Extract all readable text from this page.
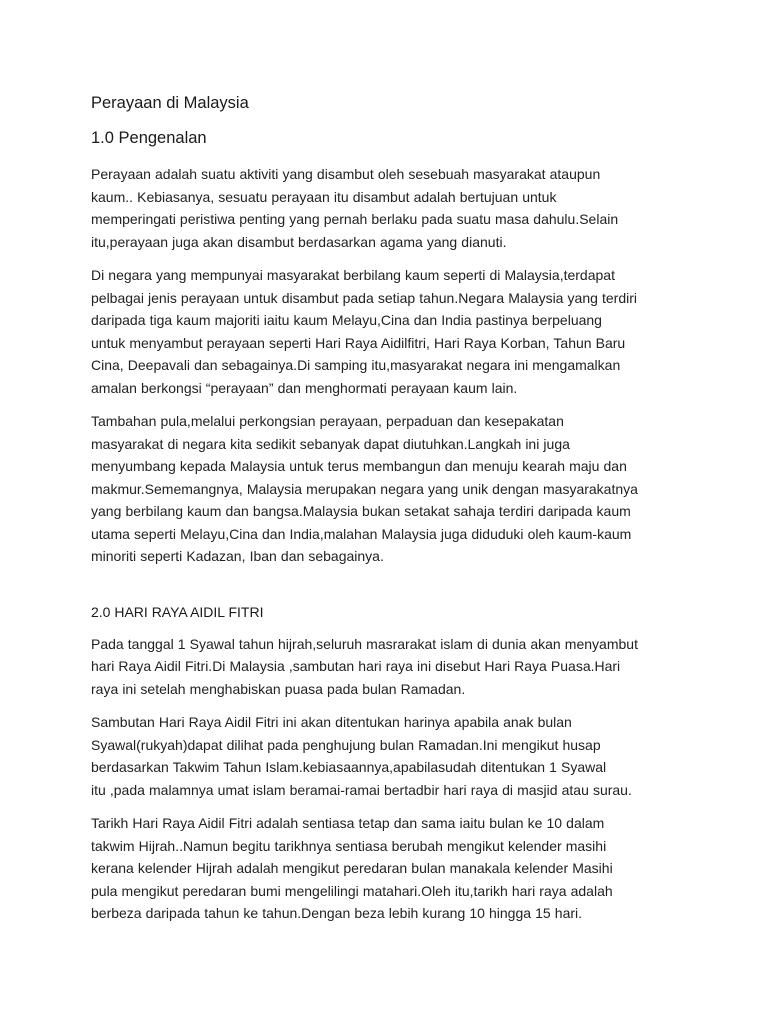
Perayaan di Malaysia
1.0 Pengenalan

Perayaan adalah suatu aktiviti yang disambut oleh sesebuah masyarakat ataupun
kaum.. Kebiasanya, sesuatu perayaan itu disambut adalah bertujuan untuk
memperingati peristiwa penting yang pernah berlaku pada suatu masa dahulu.Selain
itu,perayaan juga akan disambut berdasarkan agama yang dianuti.

Di negara yang mempunyai masyarakat berbilang kaum seperti di Malaysia,terdapat
pelbagai jenis perayaan untuk disambut pada setiap tahun.Negara Malaysia yang terdiri
daripada tiga kaum majoriti iaitu kaum Melayu,Cina dan India pastinya berpeluang
untuk menyambut perayaan seperti Hari Raya Aidilfitri, Hari Raya Korban, Tahun Baru
Cina, Deepavali dan sebagainya.Di samping itu,masyarakat negara ini mengamalkan
amalan berkongsi “perayaan” dan menghormati perayaan kaum lain.

Tambahan pula,melalui perkongsian perayaan, perpaduan dan kesepakatan
masyarakat di negara kita sedikit sebanyak dapat diutuhkan.Langkah ini juga
menyumbang kepada Malaysia untuk terus membangun dan menuju kearah maju dan
makmur.Sememangnya, Malaysia merupakan negara yang unik dengan masyarakatnya
yang berbilang kaum dan bangsa.Malaysia bukan setakat sahaja terdiri daripada kaum
utama seperti Melayu,Cina dan India,malahan Malaysia juga diduduki oleh kaum-kaum
minoriti seperti Kadazan, Iban dan sebagainya.

2.0 HARI RAYA AIDIL FITRI

Pada tanggal 1 Syawal tahun hijrah,seluruh masrarakat islam di dunia akan menyambut
hari Raya Aidil Fitri.Di Malaysia ,sambutan hari raya ini disebut Hari Raya Puasa.Hari
raya ini setelah menghabiskan puasa pada bulan Ramadan.

Sambutan Hari Raya Aidil Fitri ini akan ditentukan harinya apabila anak bulan
Syawal(rukyah)dapat dilihat pada penghujung bulan Ramadan.Ini mengikut husap
berdasarkan Takwim Tahun Islam.kebiasaannya,apabilasudah ditentukan 1 Syawal
itu ,pada malamnya umat islam beramai-ramai bertadbir hari raya di masjid atau surau.

Tarikh Hari Raya Aidil Fitri adalah sentiasa tetap dan sama iaitu bulan ke 10 dalam
takwim Hijrah..Namun begitu tarikhnya sentiasa berubah mengikut kelender masihi
kerana kelender Hijrah adalah mengikut peredaran bulan manakala kelender Masihi
pula mengikut peredaran bumi mengelilingi matahari.Oleh itu,tarikh hari raya adalah
berbeza daripada tahun ke tahun.Dengan beza lebih kurang 10 hingga 15 hari.
